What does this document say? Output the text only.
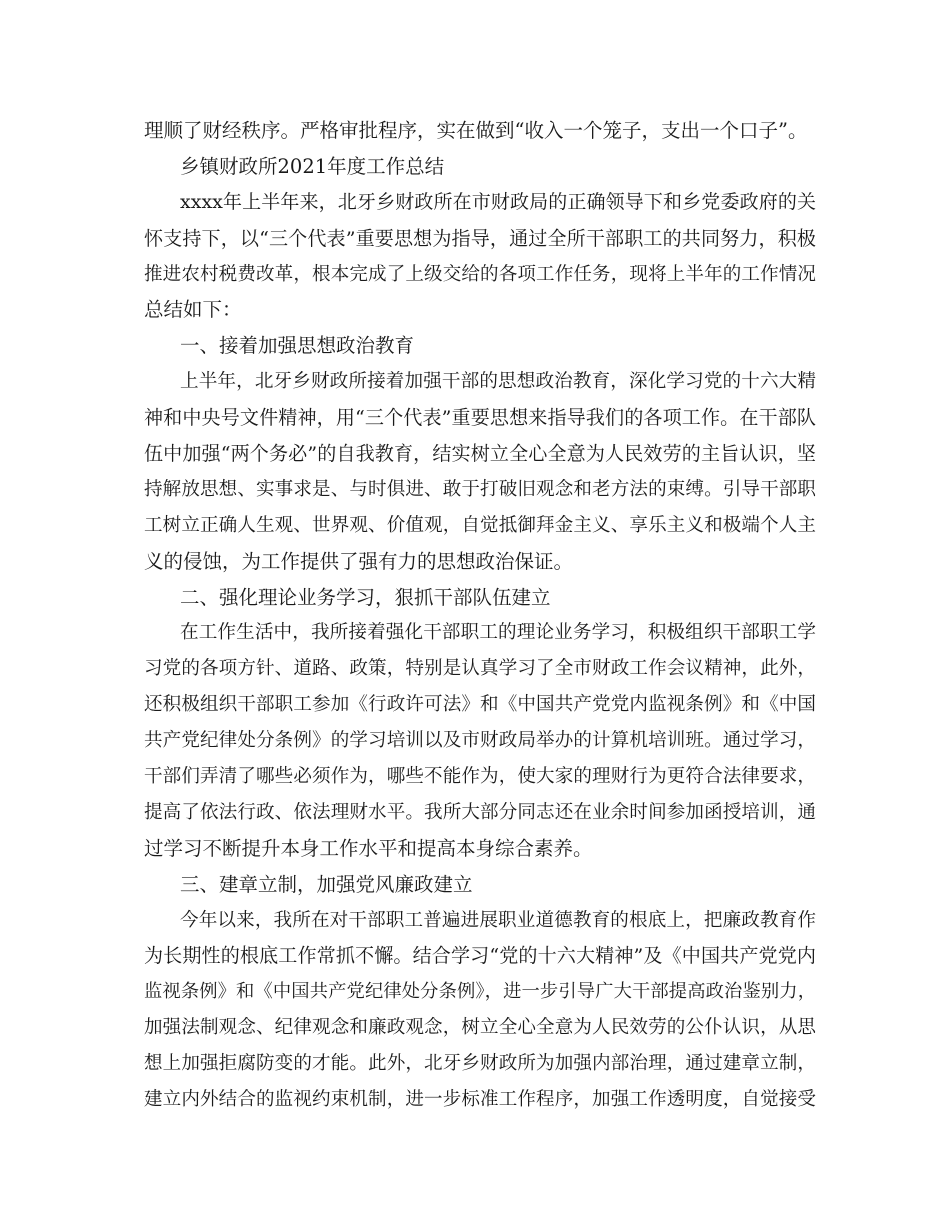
理顺了财经秩序。严格审批程序，实在做到“收入一个笼子，支出一个口子”。
乡镇财政所2021年度工作总结
xxxx年上半年来，北牙乡财政所在市财政局的正确领导下和乡党委政府的关
怀支持下，以“三个代表”重要思想为指导，通过全所干部职工的共同努力，积极
推进农村税费改革，根本完成了上级交给的各项工作任务，现将上半年的工作情况
总结如下：
一、接着加强思想政治教育
上半年，北牙乡财政所接着加强干部的思想政治教育，深化学习党的十六大精
神和中央号文件精神，用“三个代表”重要思想来指导我们的各项工作。在干部队
伍中加强“两个务必”的自我教育，结实树立全心全意为人民效劳的主旨认识，坚
持解放思想、实事求是、与时俱进、敢于打破旧观念和老方法的束缚。引导干部职
工树立正确人生观、世界观、价值观，自觉抵御拜金主义、享乐主义和极端个人主
义的侵蚀，为工作提供了强有力的思想政治保证。
二、强化理论业务学习，狠抓干部队伍建立
在工作生活中，我所接着强化干部职工的理论业务学习，积极组织干部职工学
习党的各项方针、道路、政策，特别是认真学习了全市财政工作会议精神，此外，
还积极组织干部职工参加《行政许可法》和《中国共产党党内监视条例》和《中国
共产党纪律处分条例》的学习培训以及市财政局举办的计算机培训班。通过学习，
干部们弄清了哪些必须作为，哪些不能作为，使大家的理财行为更符合法律要求，
提高了依法行政、依法理财水平。我所大部分同志还在业余时间参加函授培训，通
过学习不断提升本身工作水平和提高本身综合素养。
三、建章立制，加强党风廉政建立
今年以来，我所在对干部职工普遍进展职业道德教育的根底上，把廉政教育作
为长期性的根底工作常抓不懈。结合学习“党的十六大精神”及《中国共产党党内
监视条例》和《中国共产党纪律处分条例》，进一步引导广大干部提高政治鉴别力，
加强法制观念、纪律观念和廉政观念，树立全心全意为人民效劳的公仆认识，从思
想上加强拒腐防变的才能。此外，北牙乡财政所为加强内部治理，通过建章立制，
建立内外结合的监视约束机制，进一步标准工作程序，加强工作透明度，自觉接受
